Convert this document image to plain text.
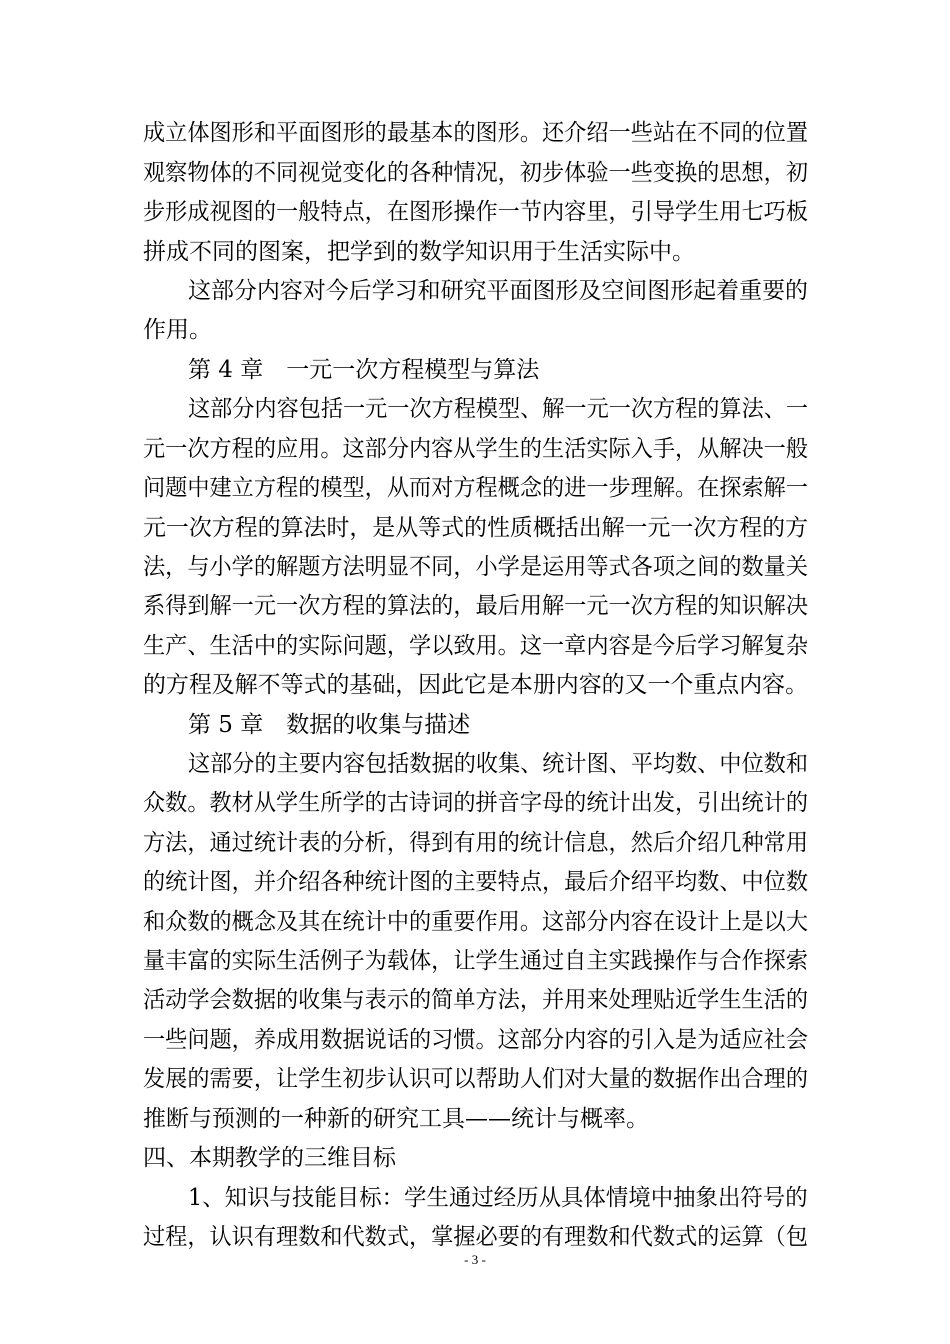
成立体图形和平面图形的最基本的图形。还介绍一些站在不同的位置
观察物体的不同视觉变化的各种情况，初步体验一些变换的思想，初
步形成视图的一般特点，在图形操作一节内容里，引导学生用七巧板
拼成不同的图案，把学到的数学知识用于生活实际中。
这部分内容对今后学习和研究平面图形及空间图形起着重要的
作用。
第 4 章　一元一次方程模型与算法
这部分内容包括一元一次方程模型、解一元一次方程的算法、一
元一次方程的应用。这部分内容从学生的生活实际入手，从解决一般
问题中建立方程的模型，从而对方程概念的进一步理解。在探索解一
元一次方程的算法时，是从等式的性质概括出解一元一次方程的方
法，与小学的解题方法明显不同，小学是运用等式各项之间的数量关
系得到解一元一次方程的算法的，最后用解一元一次方程的知识解决
生产、生活中的实际问题，学以致用。这一章内容是今后学习解复杂
的方程及解不等式的基础，因此它是本册内容的又一个重点内容。
第 5 章　数据的收集与描述
这部分的主要内容包括数据的收集、统计图、平均数、中位数和
众数。教材从学生所学的古诗词的拼音字母的统计出发，引出统计的
方法，通过统计表的分析，得到有用的统计信息，然后介绍几种常用
的统计图，并介绍各种统计图的主要特点，最后介绍平均数、中位数
和众数的概念及其在统计中的重要作用。这部分内容在设计上是以大
量丰富的实际生活例子为载体，让学生通过自主实践操作与合作探索
活动学会数据的收集与表示的简单方法，并用来处理贴近学生生活的
一些问题，养成用数据说话的习惯。这部分内容的引入是为适应社会
发展的需要，让学生初步认识可以帮助人们对大量的数据作出合理的
推断与预测的一种新的研究工具——统计与概率。
四、本期教学的三维目标
1、知识与技能目标：学生通过经历从具体情境中抽象出符号的
过程，认识有理数和代数式，掌握必要的有理数和代数式的运算（包
- 3 -
